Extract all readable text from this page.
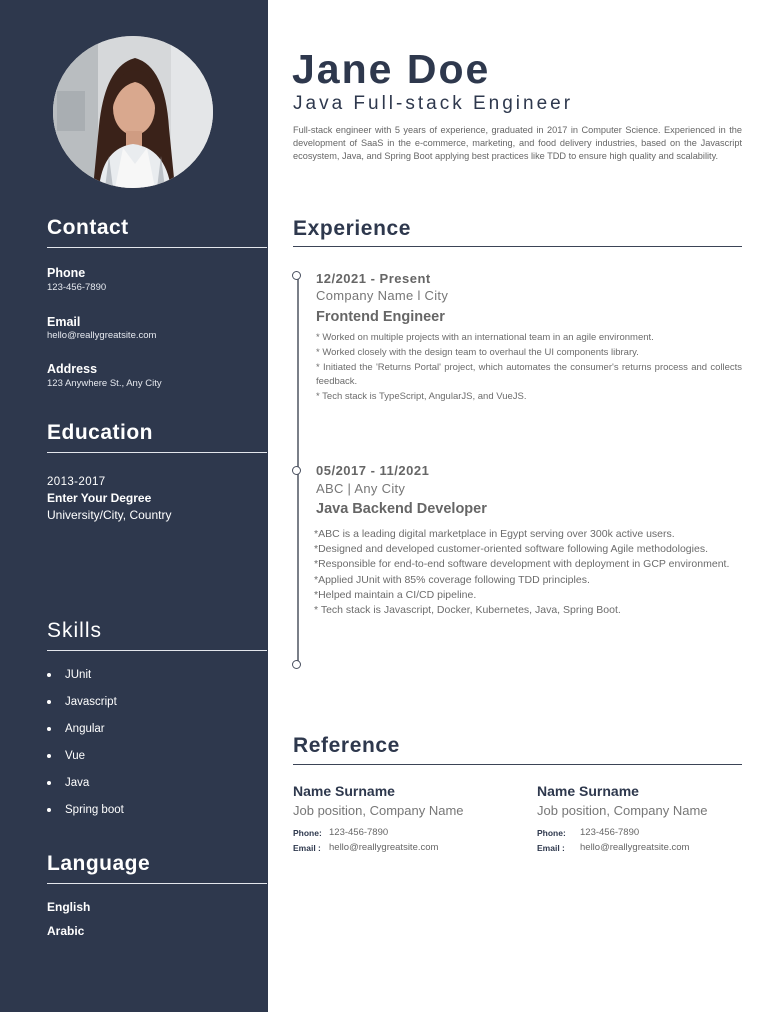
Contact
Phone
123-456-7890
Email
hello@reallygreatsite.com
Address
123 Anywhere St., Any City
Education
2013-2017
Enter Your Degree
University/City, Country
Skills
JUnit
Javascript
Angular
Vue
Java
Spring boot
Language
English
Arabic
Jane Doe
Java Full-stack Engineer

Full-stack engineer with 5 years of experience, graduated in 2017 in Computer Science. Experienced in the development of SaaS in the e-commerce, marketing, and food delivery industries, based on the Javascript ecosystem, Java, and Spring Boot applying best practices like TDD to ensure high quality and scalability.

Experience
12/2021 - Present
Company Name l City
Frontend Engineer
* Worked on multiple projects with an international team in an agile environment.
* Worked closely with the design team to overhaul the UI components library.
* Initiated the 'Returns Portal' project, which automates the consumer's returns process and collects feedback.
* Tech stack is TypeScript, AngularJS, and VueJS.
05/2017 - 11/2021
ABC | Any City
Java Backend Developer
*ABC is a leading digital marketplace in Egypt serving over 300k active users.
*Designed and developed customer-oriented software following Agile methodologies.
*Responsible for end-to-end software development with deployment in GCP environment.
*Applied JUnit with 85% coverage following TDD principles.
*Helped maintain a CI/CD pipeline.
* Tech stack is Javascript, Docker, Kubernetes, Java, Spring Boot.
Reference
Name Surname
Job position, Company Name
Phone: 123-456-7890
Email : hello@reallygreatsite.com
Name Surname
Job position, Company Name
Phone: 123-456-7890
Email : hello@reallygreatsite.com
